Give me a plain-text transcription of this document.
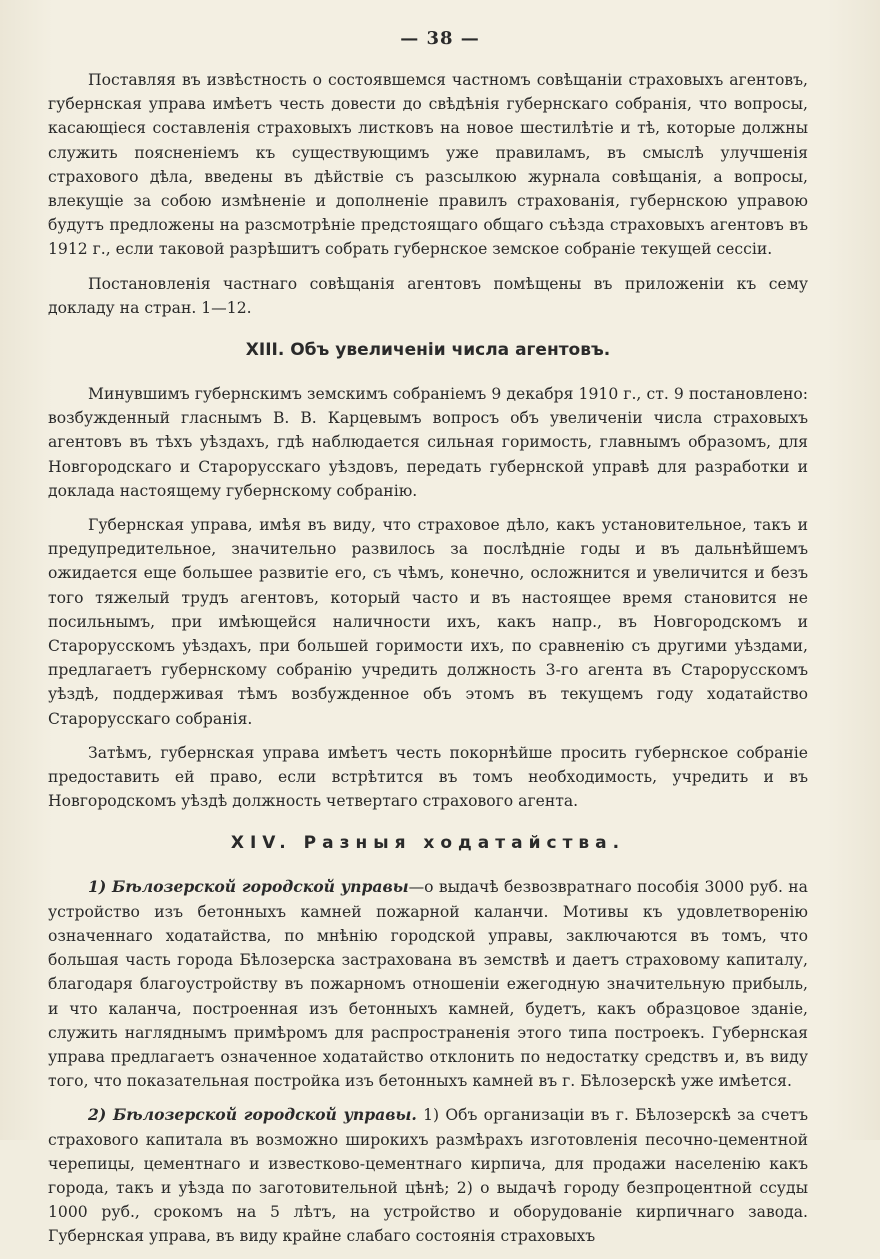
— 38 —

Поставляя въ извѣстность о состоявшемся частномъ совѣщаніи страховыхъ агентовъ, губернская управа имѣетъ честь довести до свѣдѣнія губернскаго собранія, что вопросы, касающіеся составленія страховыхъ листковъ на новое шестилѣтіе и тѣ, которые должны служить поясненіемъ къ существующимъ уже правиламъ, въ смыслѣ улучшенія страхового дѣла, введены въ дѣйствіе съ разсылкою журнала совѣщанія, а вопросы, влекущіе за собою измѣненіе и дополненіе правилъ страхованія, губернскою управою будутъ предложены на разсмотрѣніе предстоящаго общаго съѣзда страховыхъ агентовъ въ 1912 г., если таковой разрѣшитъ собрать губернское земское собраніе текущей сессіи.

Постановленія частнаго совѣщанія агентовъ помѣщены въ приложеніи къ сему докладу на стран. 1—12.

XIII. Объ увеличеніи числа агентовъ.

Минувшимъ губернскимъ земскимъ собраніемъ 9 декабря 1910 г., ст. 9 постановлено: возбужденный гласнымъ В. В. Карцевымъ вопросъ объ увеличеніи числа страховыхъ агентовъ въ тѣхъ уѣздахъ, гдѣ наблюдается сильная горимость, главнымъ образомъ, для Новгородскаго и Старорусскаго уѣздовъ, передать губернской управѣ для разработки и доклада настоящему губернскому собранію.

Губернская управа, имѣя въ виду, что страховое дѣло, какъ установительное, такъ и предупредительное, значительно развилось за послѣдніе годы и въ дальнѣйшемъ ожидается еще большее развитіе его, съ чѣмъ, конечно, осложнится и увеличится и безъ того тяжелый трудъ агентовъ, который часто и въ настоящее время становится не посильнымъ, при имѣющейся наличности ихъ, какъ напр., въ Новгородскомъ и Старорусскомъ уѣздахъ, при большей горимости ихъ, по сравненію съ другими уѣздами, предлагаетъ губернскому собранію учредить должность 3-го агента въ Старорусскомъ уѣздѣ, поддерживая тѣмъ возбужденное объ этомъ въ текущемъ году ходатайство Старорусскаго собранія.

Затѣмъ, губернская управа имѣетъ честь покорнѣйше просить губернское собраніе предоставить ей право, если встрѣтится въ томъ необходимость, учредить и въ Новгородскомъ уѣздѣ должность четвертаго страхового агента.

XIV. Разныя ходатайства.

1) Бѣлозерской городской управы—о выдачѣ безвозвратнаго пособія 3000 руб. на устройство изъ бетонныхъ камней пожарной каланчи. Мотивы къ удовлетворенію означеннаго ходатайства, по мнѣнію городской управы, заключаются въ томъ, что большая часть города Бѣлозерска застрахована въ земствѣ и даетъ страховому капиталу, благодаря благоустройству въ пожарномъ отношеніи ежегодную значительную прибыль, и что каланча, построенная изъ бетонныхъ камней, будетъ, какъ образцовое зданіе, служить нагляднымъ примѣромъ для распространенія этого типа построекъ. Губернская управа предлагаетъ означенное ходатайство отклонить по недостатку средствъ и, въ виду того, что показательная постройка изъ бетонныхъ камней въ г. Бѣлозерскѣ уже имѣется.

2) Бѣлозерской городской управы. 1) Объ организаціи въ г. Бѣлозерскѣ за счетъ страхового капитала въ возможно широкихъ размѣрахъ изготовленія песочно-цементной черепицы, цементнаго и известково-цементнаго кирпича, для продажи населенію какъ города, такъ и уѣзда по заготовительной цѣнѣ; 2) о выдачѣ городу безпроцентной ссуды 1000 руб., срокомъ на 5 лѣтъ, на устройство и оборудованіе кирпичнаго завода. Губернская управа, въ виду крайне слабаго состоянія страховыхъ
